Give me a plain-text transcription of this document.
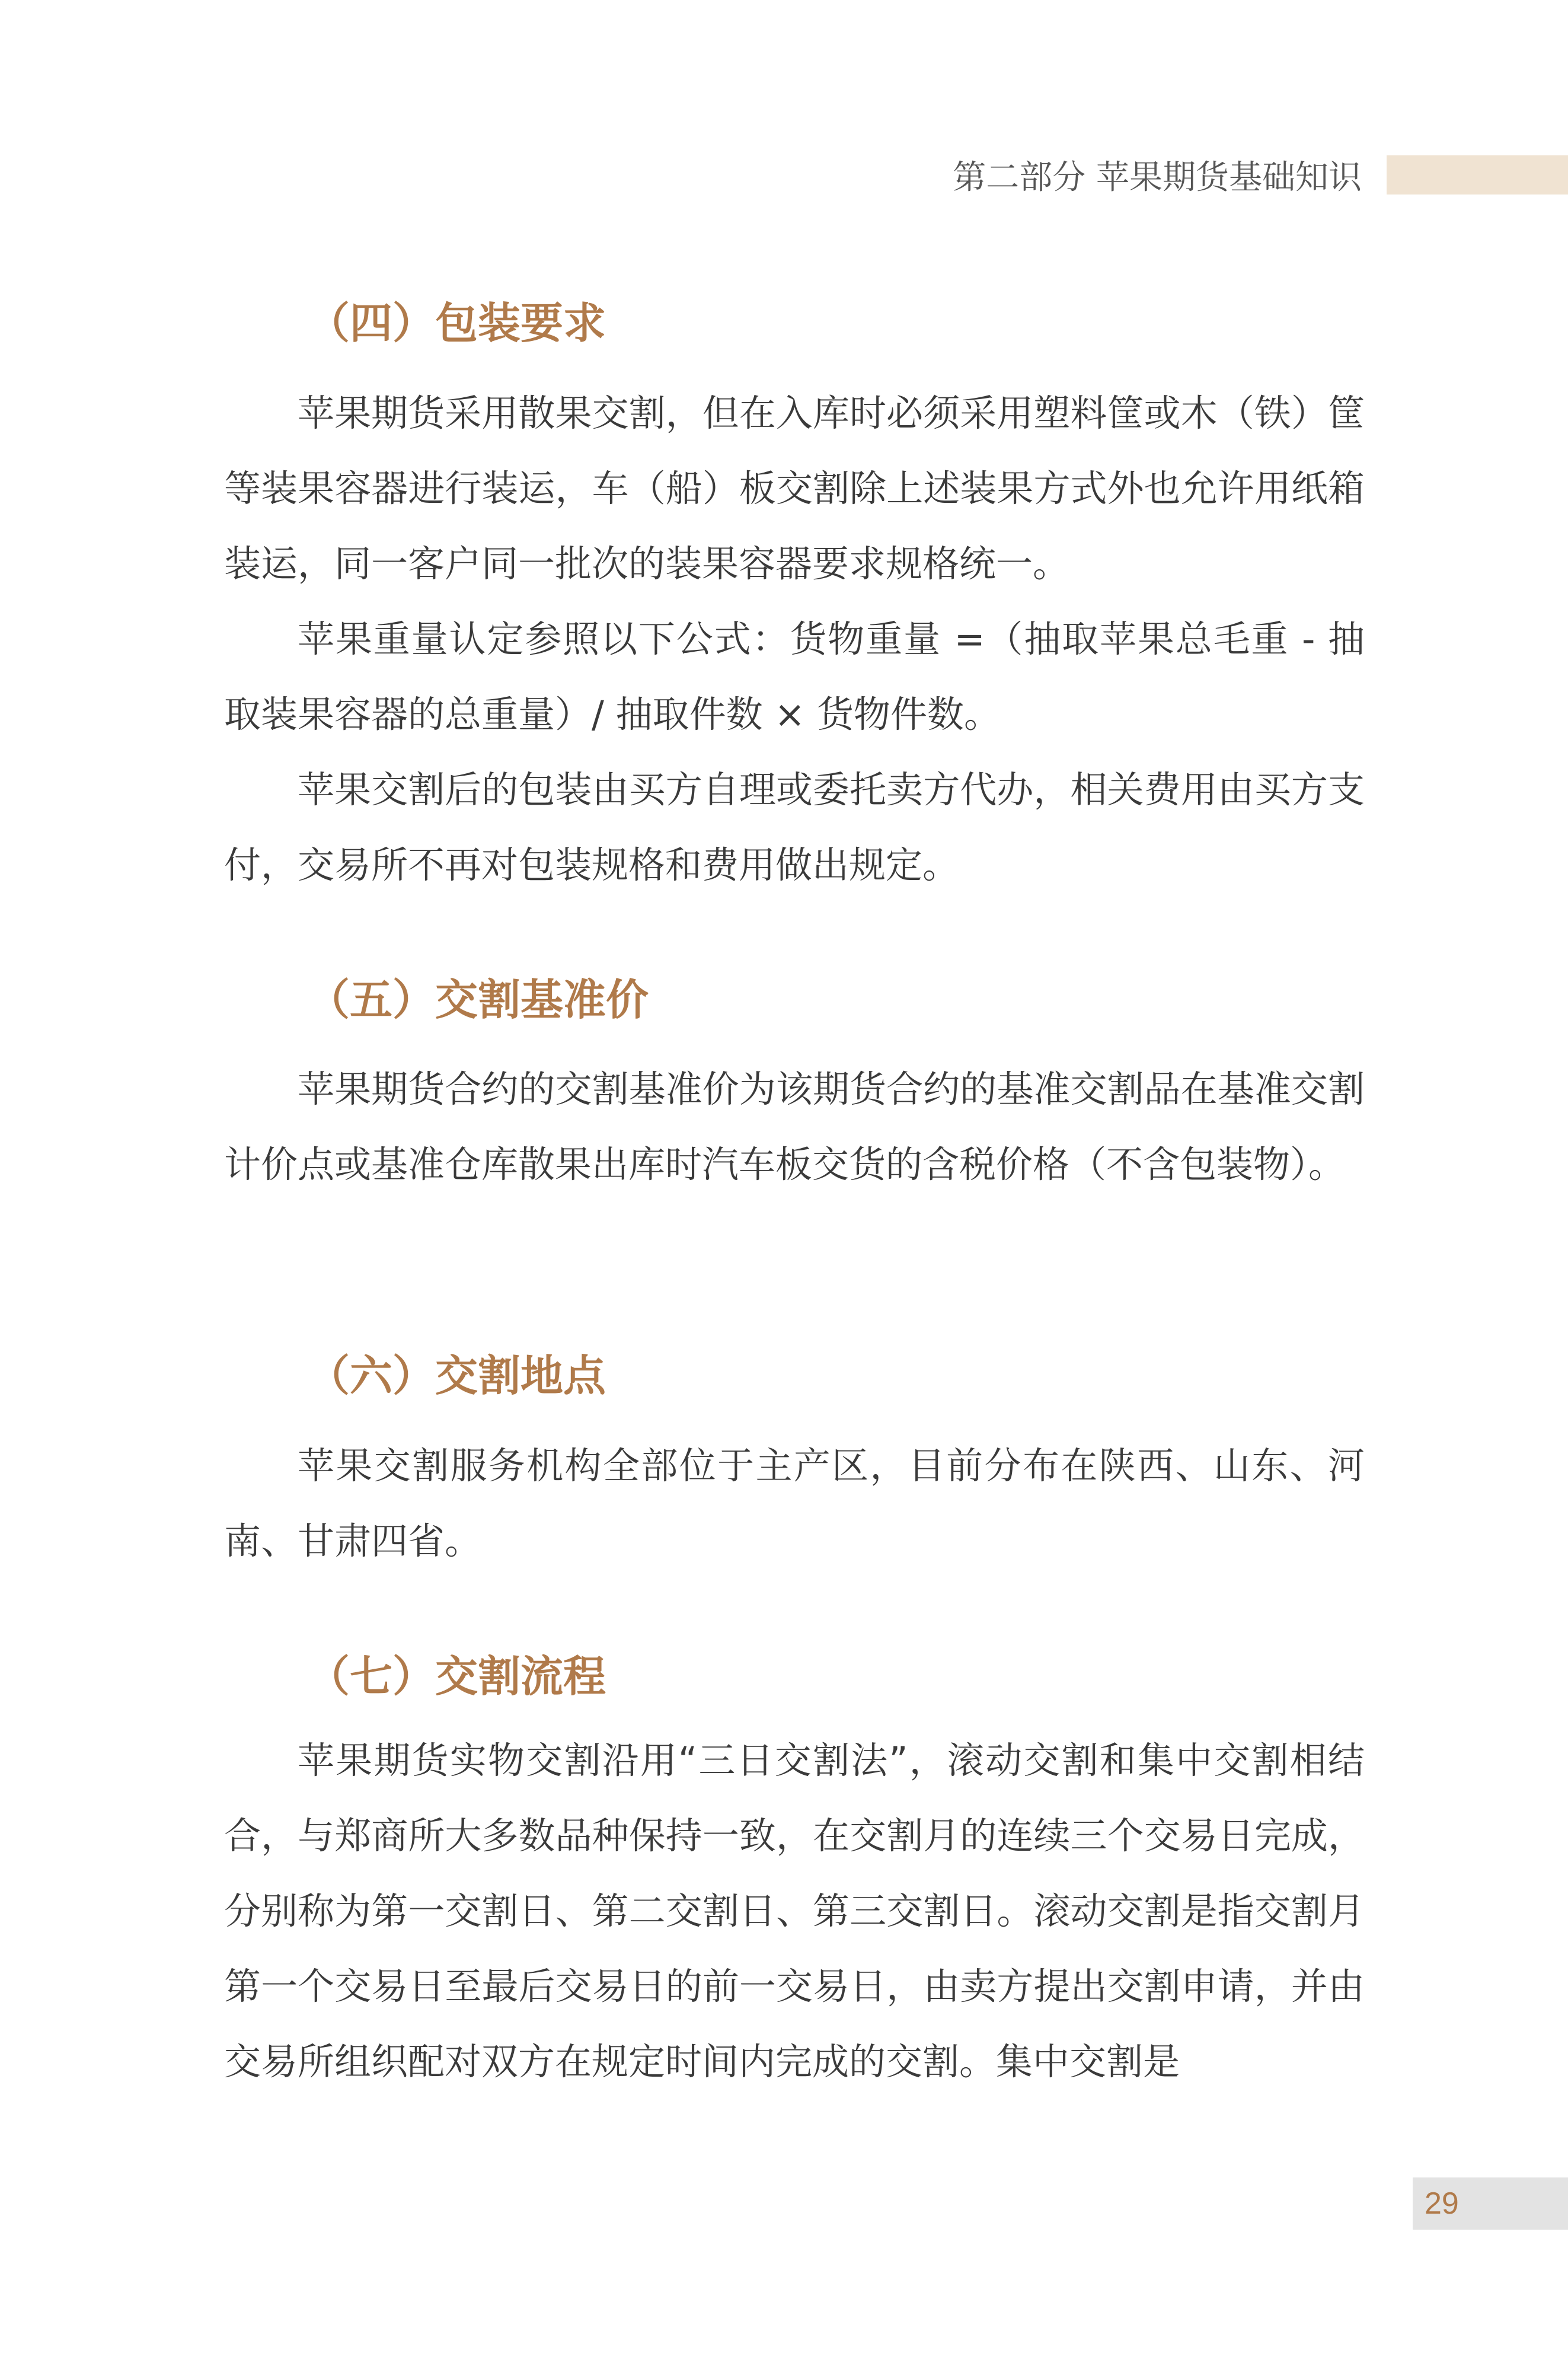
第二部分 苹果期货基础知识
（四）包装要求

苹果期货采用散果交割，但在入库时必须采用塑料筐或木（铁）筐等装果容器进行装运，车（船）板交割除上述装果方式外也允许用纸箱装运，同一客户同一批次的装果容器要求规格统一。

苹果重量认定参照以下公式：货物重量 =（抽取苹果总毛重 - 抽取装果容器的总重量）/ 抽取件数 × 货物件数。

苹果交割后的包装由买方自理或委托卖方代办，相关费用由买方支付，交易所不再对包装规格和费用做出规定。

（五）交割基准价

苹果期货合约的交割基准价为该期货合约的基准交割品在基准交割计价点或基准仓库散果出库时汽车板交货的含税价格（不含包装物）。

（六）交割地点

苹果交割服务机构全部位于主产区，目前分布在陕西、山东、河南、甘肃四省。

（七）交割流程

苹果期货实物交割沿用“三日交割法”，滚动交割和集中交割相结合，与郑商所大多数品种保持一致，在交割月的连续三个交易日完成，分别称为第一交割日、第二交割日、第三交割日。滚动交割是指交割月第一个交易日至最后交易日的前一交易日，由卖方提出交割申请，并由交易所组织配对双方在规定时间内完成的交割。集中交割是

29
